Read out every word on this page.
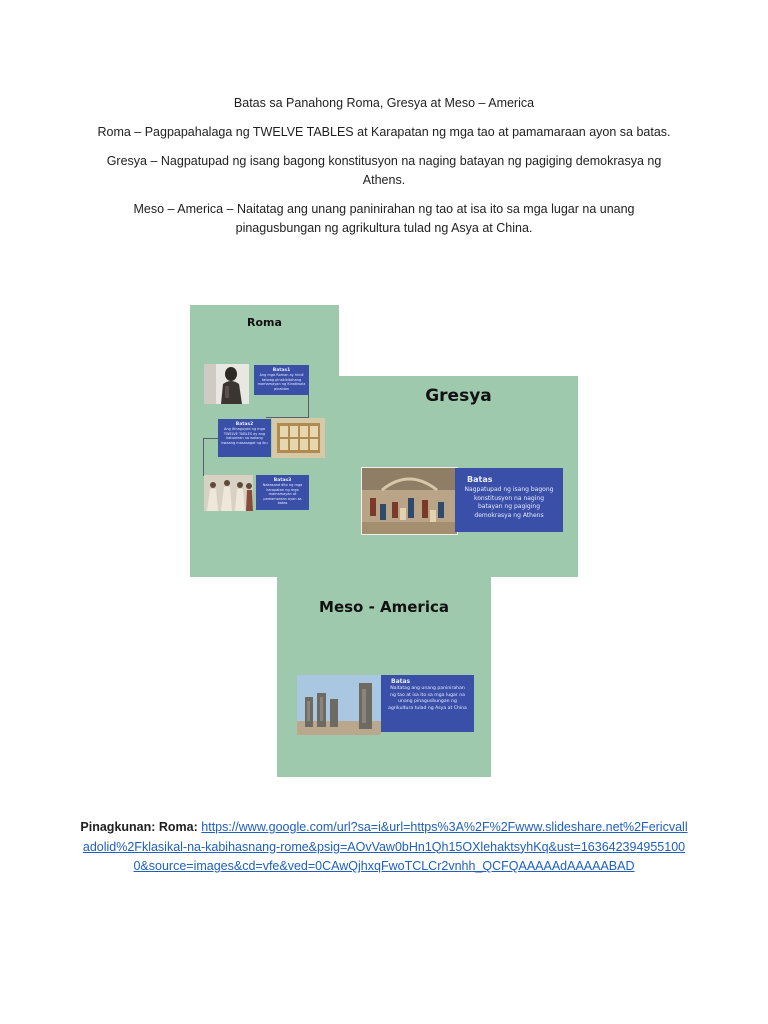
Batas sa Panahong Roma, Gresya at Meso – America
Roma – Pagpapahalaga ng TWELVE TABLES at Karapatan ng mga tao at pamamaraan ayon sa batas.
Gresya – Nagpatupad ng isang bagong konstitusyon na naging batayan ng pagiging demokrasya ng Athens.
Meso – America – Naitatag ang unang paninirahan ng tao at isa ito sa mga lugar na unang pinagusbungan ng agrikultura tulad ng Asya at China.
Roma
Batas1
Ang mga Roman ay hindi tatwag pinakikitahang mamamayan ng Kinatiwala pinaidon
Batas2
Ang itinaguyod ng mga TWELVE TABLES ay ang katuwiran na walang bwaang masasagot ng ibu
Batas3
Nakasaad dito ng mga karapatan ng mga mamamayan at pamamaraan ayon sa batas
Gresya
Batas
Nagpatupad ng isang bagong konstitusyon na naging batayan ng pagiging demokrasya ng Athens
Meso - America
Batas
Naitatag ang unang paninirahan ng tao at isa ito sa mga lugar na unang pinagusbungan ng agrikultura tulad ng Asya at China
Pinagkunan: Roma: https://www.google.com/url?sa=i&url=https%3A%2F%2Fwww.slideshare.net%2Fericvalladolid%2Fklasikal-na-kabihasnang-rome&psig=AOvVaw0bHn1Qh15OXlehaktsyhKq&ust=1636423949551000&source=images&cd=vfe&ved=0CAwQjhxqFwoTCLCr2vnhh_QCFQAAAAAdAAAAABAD
